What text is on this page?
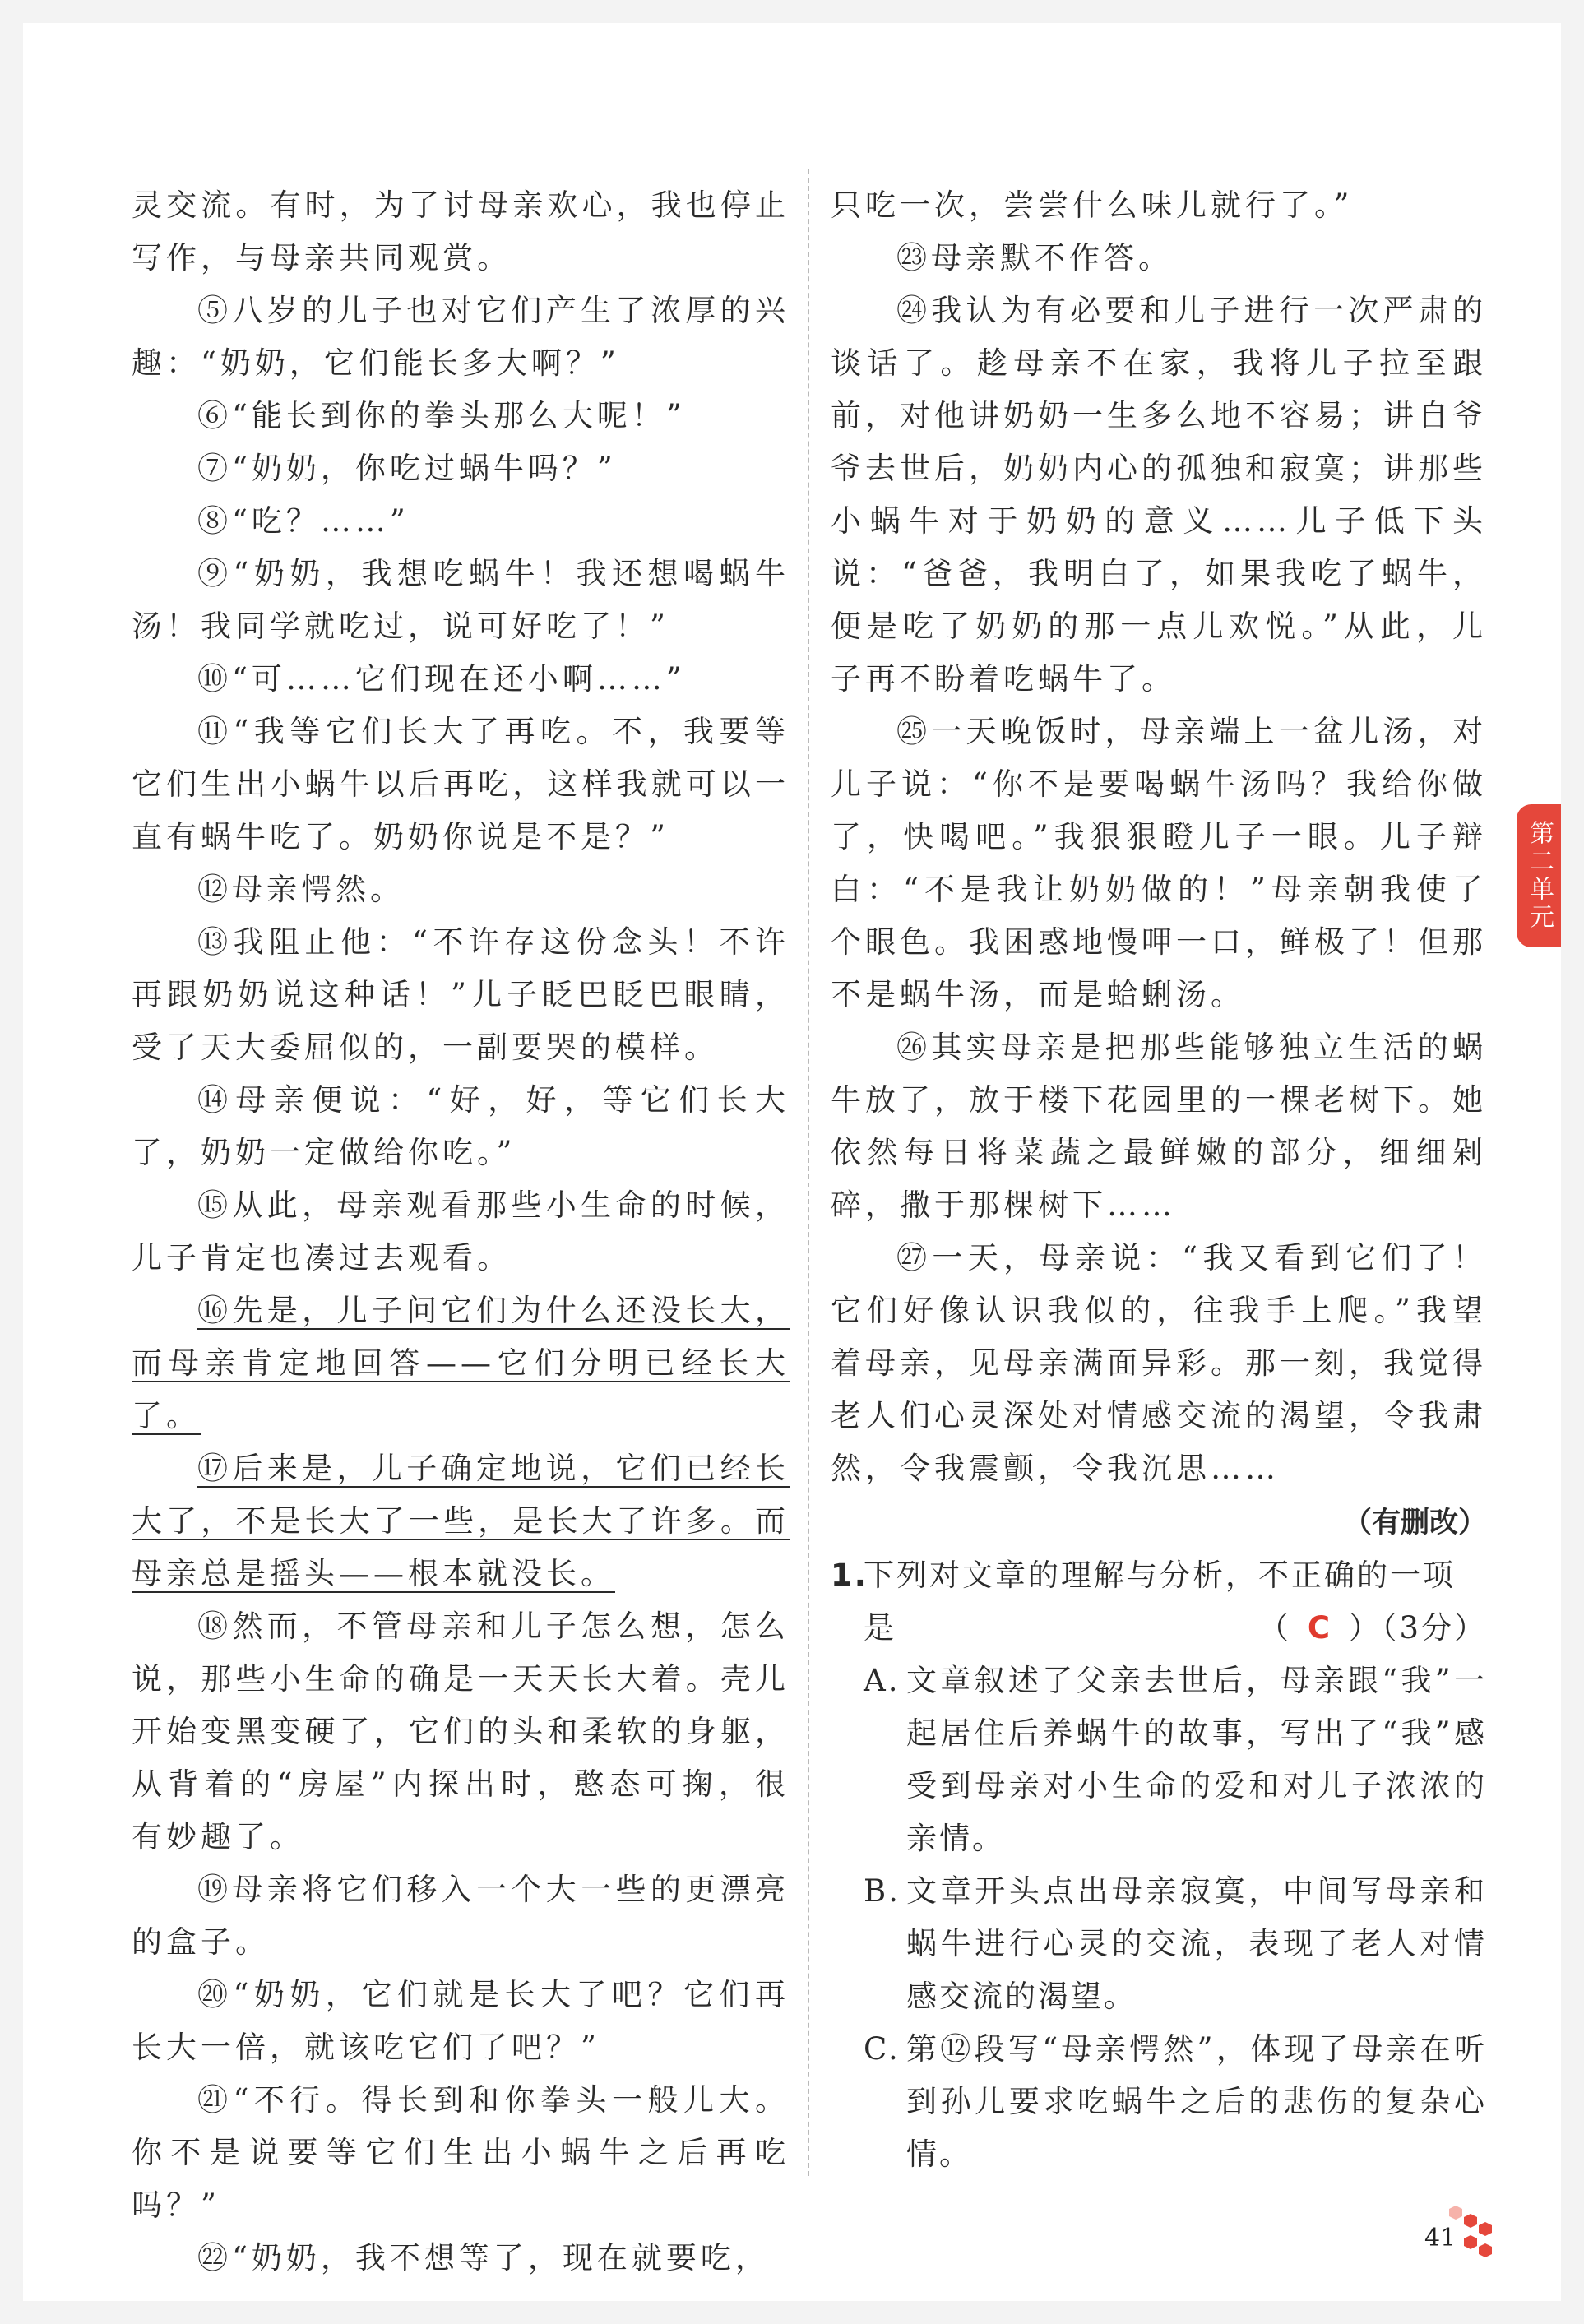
灵交流。有时，为了讨母亲欢心，我也停止写作，与母亲共同观赏。

⑤八岁的儿子也对它们产生了浓厚的兴趣：“奶奶，它们能长多大啊？”

⑥“能长到你的拳头那么大呢！”

⑦“奶奶，你吃过蜗牛吗？”

⑧“吃？……”

⑨“奶奶，我想吃蜗牛！我还想喝蜗牛汤！我同学就吃过，说可好吃了！”

⑩“可……它们现在还小啊……”

⑪“我等它们长大了再吃。不，我要等它们生出小蜗牛以后再吃，这样我就可以一直有蜗牛吃了。奶奶你说是不是？”

⑫母亲愕然。

⑬我阻止他：“不许存这份念头！不许再跟奶奶说这种话！”儿子眨巴眨巴眼睛，受了天大委屈似的，一副要哭的模样。

⑭母亲便说：“好，好，等它们长大了，奶奶一定做给你吃。”

⑮从此，母亲观看那些小生命的时候，儿子肯定也凑过去观看。

⑯先是，儿子问它们为什么还没长大，而母亲肯定地回答——它们分明已经长大了。

⑰后来是，儿子确定地说，它们已经长大了，不是长大了一些，是长大了许多。而母亲总是摇头——根本就没长。

⑱然而，不管母亲和儿子怎么想，怎么说，那些小生命的确是一天天长大着。壳儿开始变黑变硬了，它们的头和柔软的身躯，从背着的“房屋”内探出时，憨态可掬，很有妙趣了。

⑲母亲将它们移入一个大一些的更漂亮的盒子。

⑳“奶奶，它们就是长大了吧？它们再长大一倍，就该吃它们了吧？”

㉑“不行。得长到和你拳头一般儿大。你不是说要等它们生出小蜗牛之后再吃吗？”

㉒“奶奶，我不想等了，现在就要吃，

只吃一次，尝尝什么味儿就行了。”

㉓母亲默不作答。

㉔我认为有必要和儿子进行一次严肃的谈话了。趁母亲不在家，我将儿子拉至跟前，对他讲奶奶一生多么地不容易；讲自爷爷去世后，奶奶内心的孤独和寂寞；讲那些小蜗牛对于奶奶的意义……儿子低下头说：“爸爸，我明白了，如果我吃了蜗牛，便是吃了奶奶的那一点儿欢悦。”从此，儿子再不盼着吃蜗牛了。

㉕一天晚饭时，母亲端上一盆儿汤，对儿子说：“你不是要喝蜗牛汤吗？我给你做了，快喝吧。”我狠狠瞪儿子一眼。儿子辩白：“不是我让奶奶做的！”母亲朝我使了个眼色。我困惑地慢呷一口，鲜极了！但那不是蜗牛汤，而是蛤蜊汤。

㉖其实母亲是把那些能够独立生活的蜗牛放了，放于楼下花园里的一棵老树下。她依然每日将菜蔬之最鲜嫩的部分，细细剁碎，撒于那棵树下……

㉗一天，母亲说：“我又看到它们了！它们好像认识我似的，往我手上爬。”我望着母亲，见母亲满面异彩。那一刻，我觉得老人们心灵深处对情感交流的渴望，令我肃然，令我震颤，令我沉思……

（有删改）

1.
下列对文章的理解与分析，不正确的一项
是	（ C ）（3分）
A. 文章叙述了父亲去世后，母亲跟“我”一起居住后养蜗牛的故事，写出了“我”感受到母亲对小生命的爱和对儿子浓浓的亲情。
B. 文章开头点出母亲寂寞，中间写母亲和蜗牛进行心灵的交流，表现了老人对情感交流的渴望。
C. 第⑫段写“母亲愕然”，体现了母亲在听到孙儿要求吃蜗牛之后的悲伤的复杂心情。
41
第二单元
